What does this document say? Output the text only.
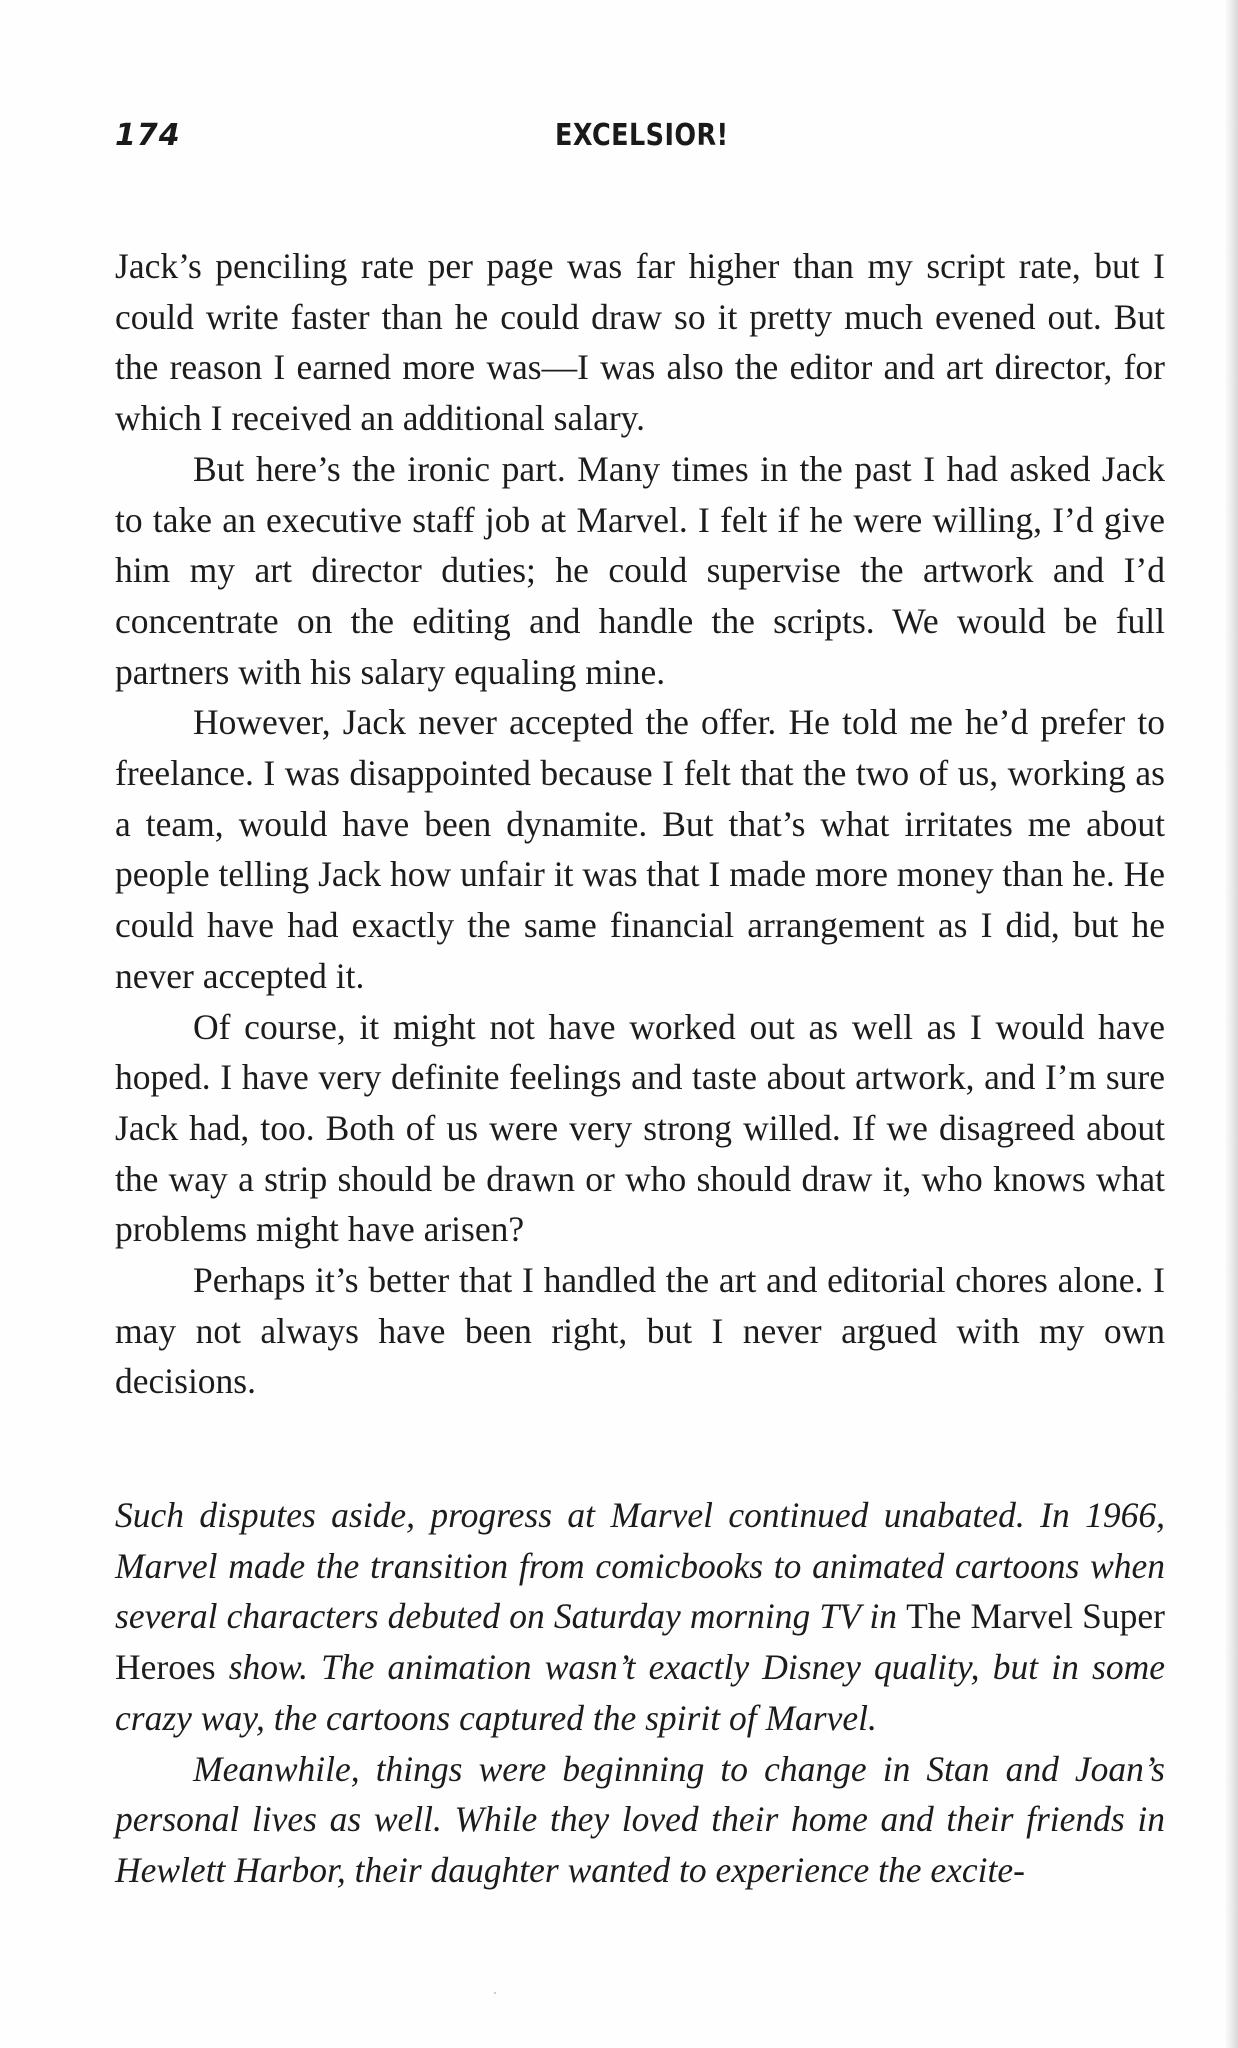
174	EXCELSIOR!

Jack’s penciling rate per page was far higher than my script rate, but I could write faster than he could draw so it pretty much evened out. But the reason I earned more was—I was also the editor and art director, for which I received an additional salary.

But here’s the ironic part. Many times in the past I had asked Jack to take an executive staff job at Marvel. I felt if he were willing, I’d give him my art director duties; he could supervise the artwork and I’d concentrate on the editing and handle the scripts. We would be full partners with his salary equaling mine.

However, Jack never accepted the offer. He told me he’d prefer to freelance. I was disappointed because I felt that the two of us, working as a team, would have been dynamite. But that’s what irritates me about people telling Jack how unfair it was that I made more money than he. He could have had exactly the same financial arrangement as I did, but he never accepted it.

Of course, it might not have worked out as well as I would have hoped. I have very definite feelings and taste about artwork, and I’m sure Jack had, too. Both of us were very strong willed. If we disagreed about the way a strip should be drawn or who should draw it, who knows what problems might have arisen?

Perhaps it’s better that I handled the art and editorial chores alone. I may not always have been right, but I never argued with my own decisions.

Such disputes aside, progress at Marvel continued unabated. In 1966, Marvel made the transition from comicbooks to animated cartoons when several characters debuted on Saturday morning TV in The Marvel Super Heroes show. The animation wasn’t exactly Disney quality, but in some crazy way, the cartoons captured the spirit of Marvel.

Meanwhile, things were beginning to change in Stan and Joan’s personal lives as well. While they loved their home and their friends in Hewlett Harbor, their daughter wanted to experience the excite-
